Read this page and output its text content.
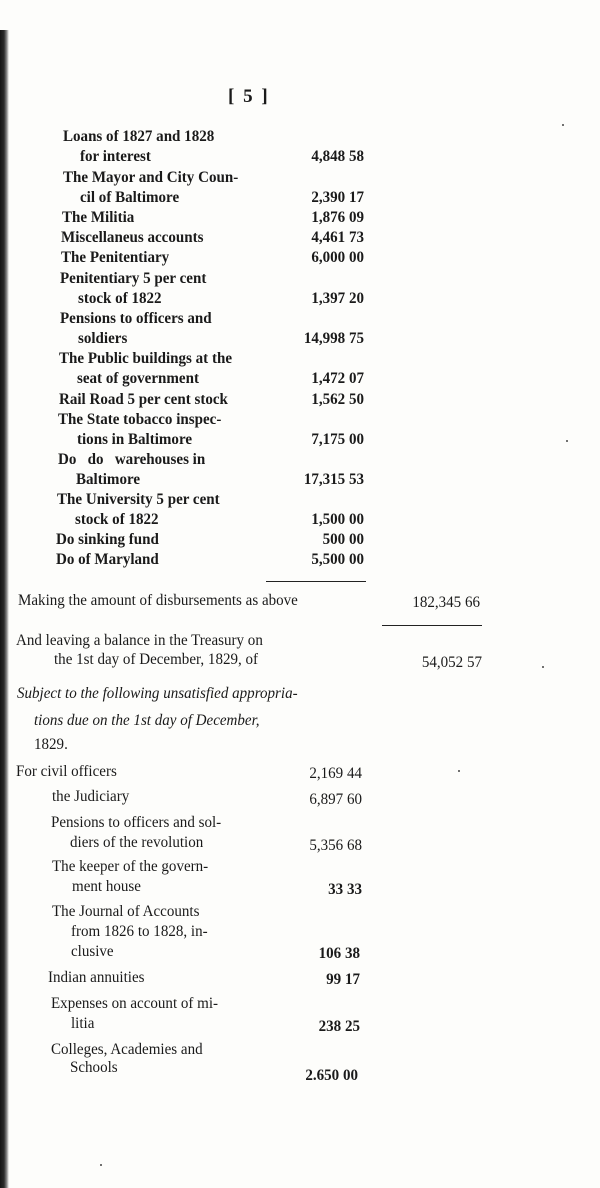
[ 5 ]
Loans of 1827 and 1828
for interest	4,848 58
The Mayor and City Coun-
cil of Baltimore	2,390 17
The Militia	1,876 09
Miscellaneus accounts	4,461 73
The Penitentiary	6,000 00
Penitentiary 5 per cent
stock of 1822	1,397 20
Pensions to officers and
soldiers	14,998 75
The Public buildings at the
seat of government	1,472 07
Rail Road 5 per cent stock	1,562 50
The State tobacco inspec-
tions in Baltimore	7,175 00
Do   do   warehouses in
Baltimore	17,315 53
The University 5 per cent
stock of 1822	1,500 00
Do sinking fund	500 00
Do of Maryland	5,500 00
Making the amount of disbursements as above	182,345 66
And leaving a balance in the Treasury on
the 1st day of December, 1829, of	54,052 57
Subject to the following unsatisfied appropria-
tions due on the 1st day of December,
1829.
For civil officers	2,169 44
the Judiciary	6,897 60
Pensions to officers and sol-
diers of the revolution	5,356 68
The keeper of the govern-
ment house	33 33
The Journal of Accounts
from 1826 to 1828, in-
clusive	106 38
Indian annuities	99 17
Expenses on account of mi-
litia	238 25
Colleges, Academies and
Schools	2.650 00
